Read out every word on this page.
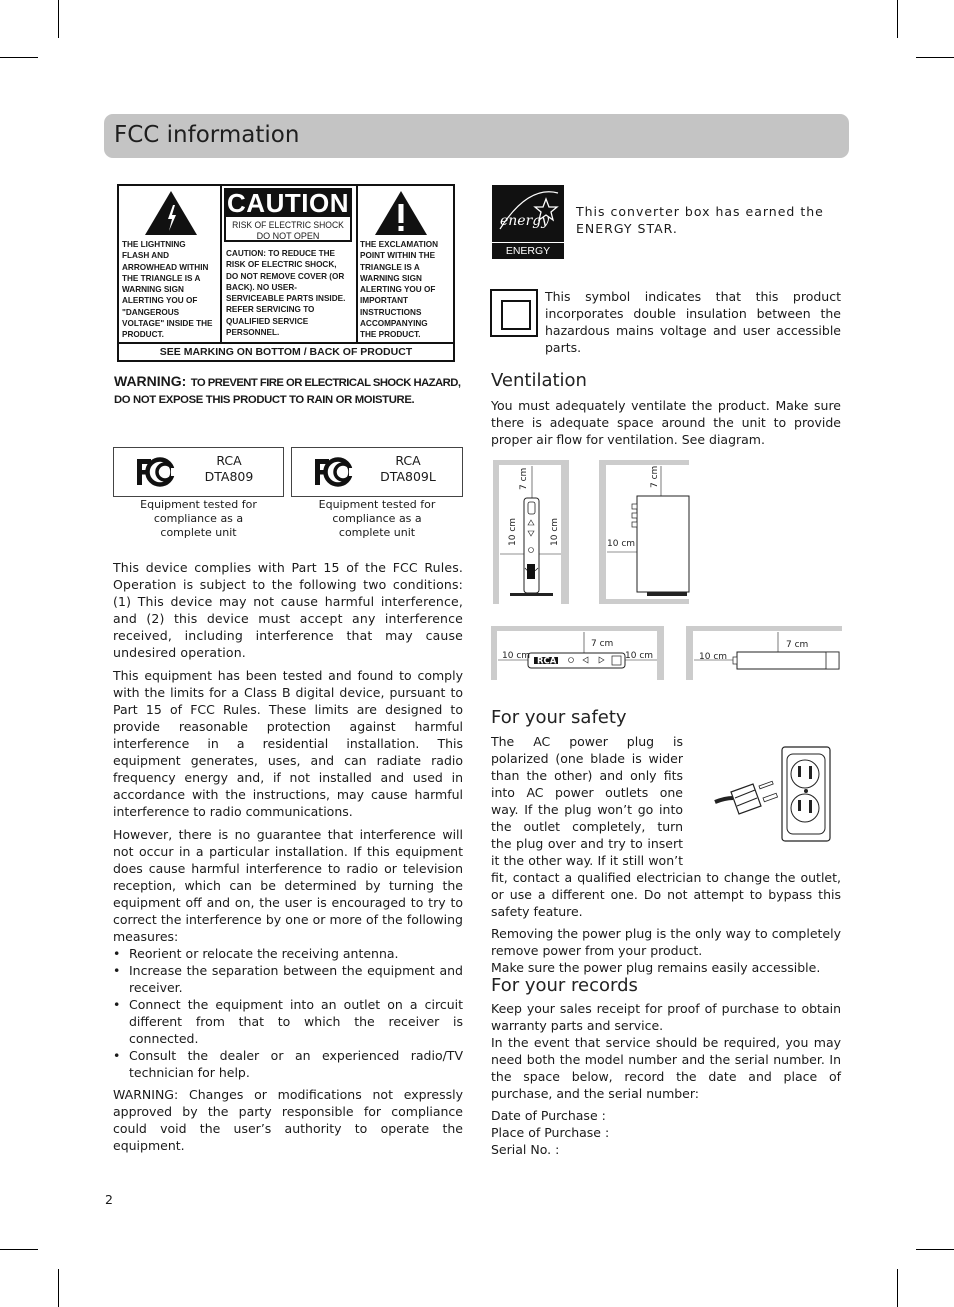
FCC information
THE LIGHTNING
FLASH AND
ARROWHEAD WITHIN
THE TRIANGLE IS A
WARNING SIGN
ALERTING YOU OF
"DANGEROUS
VOLTAGE" INSIDE THE
PRODUCT.
CAUTION
RISK OF ELECTRIC SHOCK
DO NOT OPEN
CAUTION: TO REDUCE THE
RISK OF ELECTRIC SHOCK,
DO NOT REMOVE COVER (OR
BACK). NO USER-
SERVICEABLE PARTS INSIDE.
REFER SERVICING TO
QUALIFIED SERVICE
PERSONNEL.
THE EXCLAMATION
POINT WITHIN THE
TRIANGLE IS A
WARNING SIGN
ALERTING YOU OF
IMPORTANT
INSTRUCTIONS
ACCOMPANYING
THE PRODUCT.
SEE MARKING ON BOTTOM / BACK OF PRODUCT
WARNING: TO PREVENT FIRE OR ELECTRICAL SHOCK HAZARD,
DO NOT EXPOSE THIS PRODUCT TO RAIN OR MOISTURE.
RCA
DTA809
Equipment tested for
compliance as a
complete unit
RCA
DTA809L
Equipment tested for
compliance as a
complete unit

This device complies with Part 15 of the FCC Rules. Operation is subject to the following two conditions: (1) This device may not cause harmful interference, and (2) this device must accept any interference received, including interference that may cause undesired operation.

This equipment has been tested and found to comply with the limits for a Class B digital device, pursuant to Part 15 of FCC Rules. These limits are designed to provide reasonable protection against harmful interference in a residential installation. This equipment generates, uses, and can radiate radio frequency energy and, if not installed and used in accordance with the instructions, may cause harmful interference to radio communications.

However, there is no guarantee that interference will not occur in a particular installation. If this equipment does cause harmful interference to radio or television reception, which can be determined by turning the equipment off and on, the user is encouraged to try to correct the interference by one or more of the following measures:

• Reorient or relocate the receiving antenna.
• Increase the separation between the equipment and receiver.
• Connect the equipment into an outlet on a circuit different from that to which the receiver is connected.
• Consult the dealer or an experienced radio/TV technician for help.

WARNING: Changes or modifications not expressly approved by the party responsible for compliance could void the user’s authority to operate the equipment.

energy
ENERGY STAR
This converter box has earned the ENERGY STAR.
This symbol indicates that this product incorporates double insulation between the hazardous mains voltage and user accessible parts.
Ventilation
You must adequately ventilate the product. Make sure there is adequate space around the unit to provide proper air flow for ventilation. See diagram.
7 cm
10 cm	10 cm
7 cm
10 cm
RCA
7 cm
10 cm	10 cm
7 cm
10 cm
For your safety

The AC power plug is polarized (one blade is wider than the other) and only fits into AC power outlets one way. If the plug won’t go into the outlet completely, turn the plug over and try to insert it the other way. If it still won’t fit, contact a qualified electrician to change the outlet, or use a different one. Do not attempt to bypass this safety feature.

Removing the power plug is the only way to completely remove power from your product.
Make sure the power plug remains easily accessible.

For your records

Keep your sales receipt for proof of purchase to obtain warranty parts and service.

In the event that service should be required, you may need both the model number and the serial number. In the space below, record the date and place of purchase, and the serial number:

Date of Purchase :
Place of Purchase :
Serial No. :
2
